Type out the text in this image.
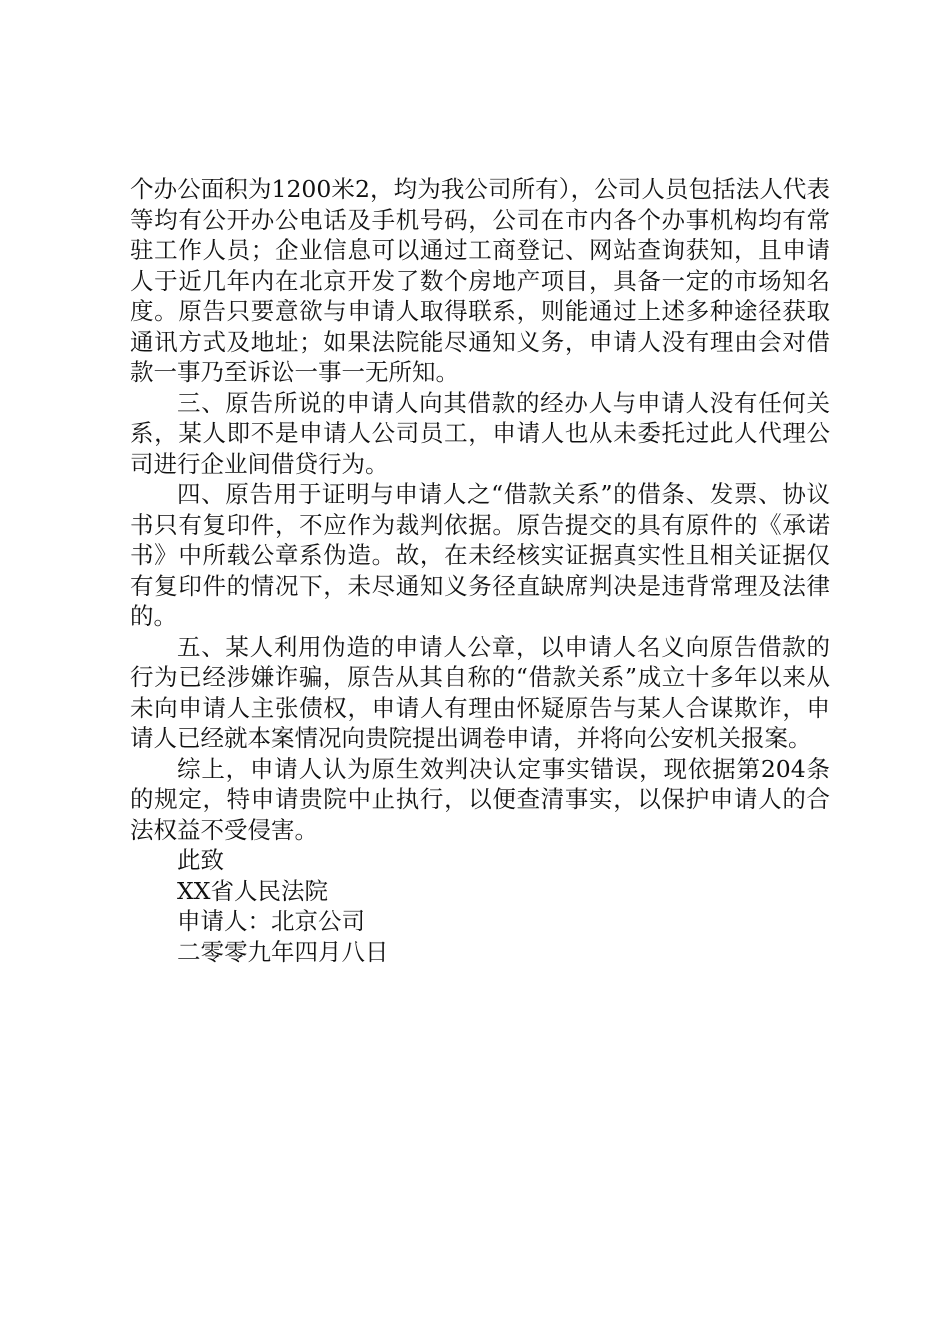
个办公面积为1200米2，均为我公司所有），公司人员包括法人代表等均有公开办公电话及手机号码，公司在市内各个办事机构均有常驻工作人员；企业信息可以通过工商登记、网站查询获知，且申请人于近几年内在北京开发了数个房地产项目，具备一定的市场知名度。原告只要意欲与申请人取得联系，则能通过上述多种途径获取通讯方式及地址；如果法院能尽通知义务，申请人没有理由会对借款一事乃至诉讼一事一无所知。

三、原告所说的申请人向其借款的经办人与申请人没有任何关系，某人即不是申请人公司员工，申请人也从未委托过此人代理公司进行企业间借贷行为。

四、原告用于证明与申请人之“借款关系”的借条、发票、协议书只有复印件，不应作为裁判依据。原告提交的具有原件的《承诺书》中所载公章系伪造。故，在未经核实证据真实性且相关证据仅有复印件的情况下，未尽通知义务径直缺席判决是违背常理及法律的。

五、某人利用伪造的申请人公章，以申请人名义向原告借款的行为已经涉嫌诈骗，原告从其自称的“借款关系”成立十多年以来从未向申请人主张债权，申请人有理由怀疑原告与某人合谋欺诈，申请人已经就本案情况向贵院提出调卷申请，并将向公安机关报案。

综上，申请人认为原生效判决认定事实错误，现依据第204条的规定，特申请贵院中止执行，以便查清事实，以保护申请人的合法权益不受侵害。

此致
XX省人民法院
申请人：北京公司
二零零九年四月八日
